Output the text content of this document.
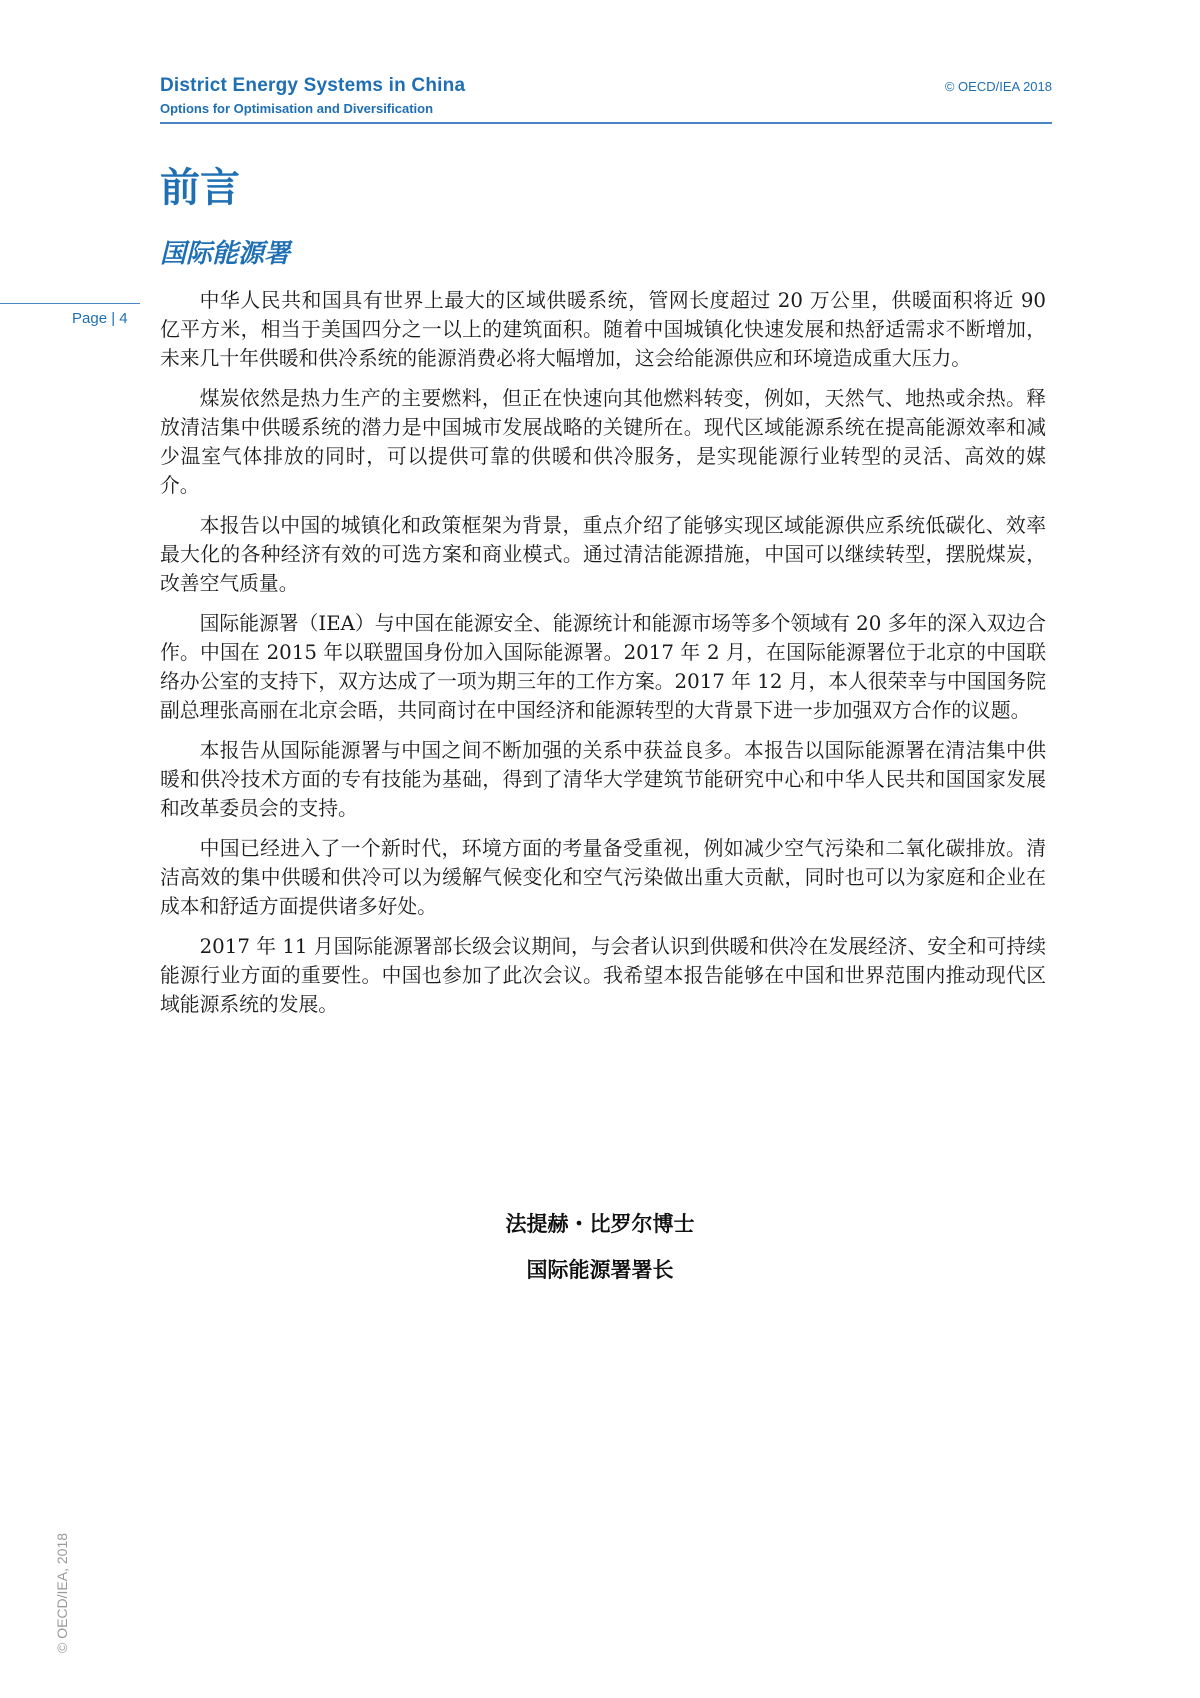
District Energy Systems in China
Options for Optimisation and Diversification
© OECD/IEA 2018
Page | 4
前言
国际能源署

中华人民共和国具有世界上最大的区域供暖系统，管网长度超过 20 万公里，供暖面积将近 90 亿平方米，相当于美国四分之一以上的建筑面积。随着中国城镇化快速发展和热舒适需求不断增加，未来几十年供暖和供冷系统的能源消费必将大幅增加，这会给能源供应和环境造成重大压力。

煤炭依然是热力生产的主要燃料，但正在快速向其他燃料转变，例如，天然气、地热或余热。释放清洁集中供暖系统的潜力是中国城市发展战略的关键所在。现代区域能源系统在提高能源效率和减少温室气体排放的同时，可以提供可靠的供暖和供冷服务，是实现能源行业转型的灵活、高效的媒介。

本报告以中国的城镇化和政策框架为背景，重点介绍了能够实现区域能源供应系统低碳化、效率最大化的各种经济有效的可选方案和商业模式。通过清洁能源措施，中国可以继续转型，摆脱煤炭，改善空气质量。

国际能源署（IEA）与中国在能源安全、能源统计和能源市场等多个领域有 20 多年的深入双边合作。中国在 2015 年以联盟国身份加入国际能源署。2017 年 2 月，在国际能源署位于北京的中国联络办公室的支持下，双方达成了一项为期三年的工作方案。2017 年 12 月，本人很荣幸与中国国务院副总理张高丽在北京会晤，共同商讨在中国经济和能源转型的大背景下进一步加强双方合作的议题。

本报告从国际能源署与中国之间不断加强的关系中获益良多。本报告以国际能源署在清洁集中供暖和供冷技术方面的专有技能为基础，得到了清华大学建筑节能研究中心和中华人民共和国国家发展和改革委员会的支持。

中国已经进入了一个新时代，环境方面的考量备受重视，例如减少空气污染和二氧化碳排放。清洁高效的集中供暖和供冷可以为缓解气候变化和空气污染做出重大贡献，同时也可以为家庭和企业在成本和舒适方面提供诸多好处。

2017 年 11 月国际能源署部长级会议期间，与会者认识到供暖和供冷在发展经济、安全和可持续能源行业方面的重要性。中国也参加了此次会议。我希望本报告能够在中国和世界范围内推动现代区域能源系统的发展。

法提赫・比罗尔博士

国际能源署署长

© OECD/IEA, 2018
